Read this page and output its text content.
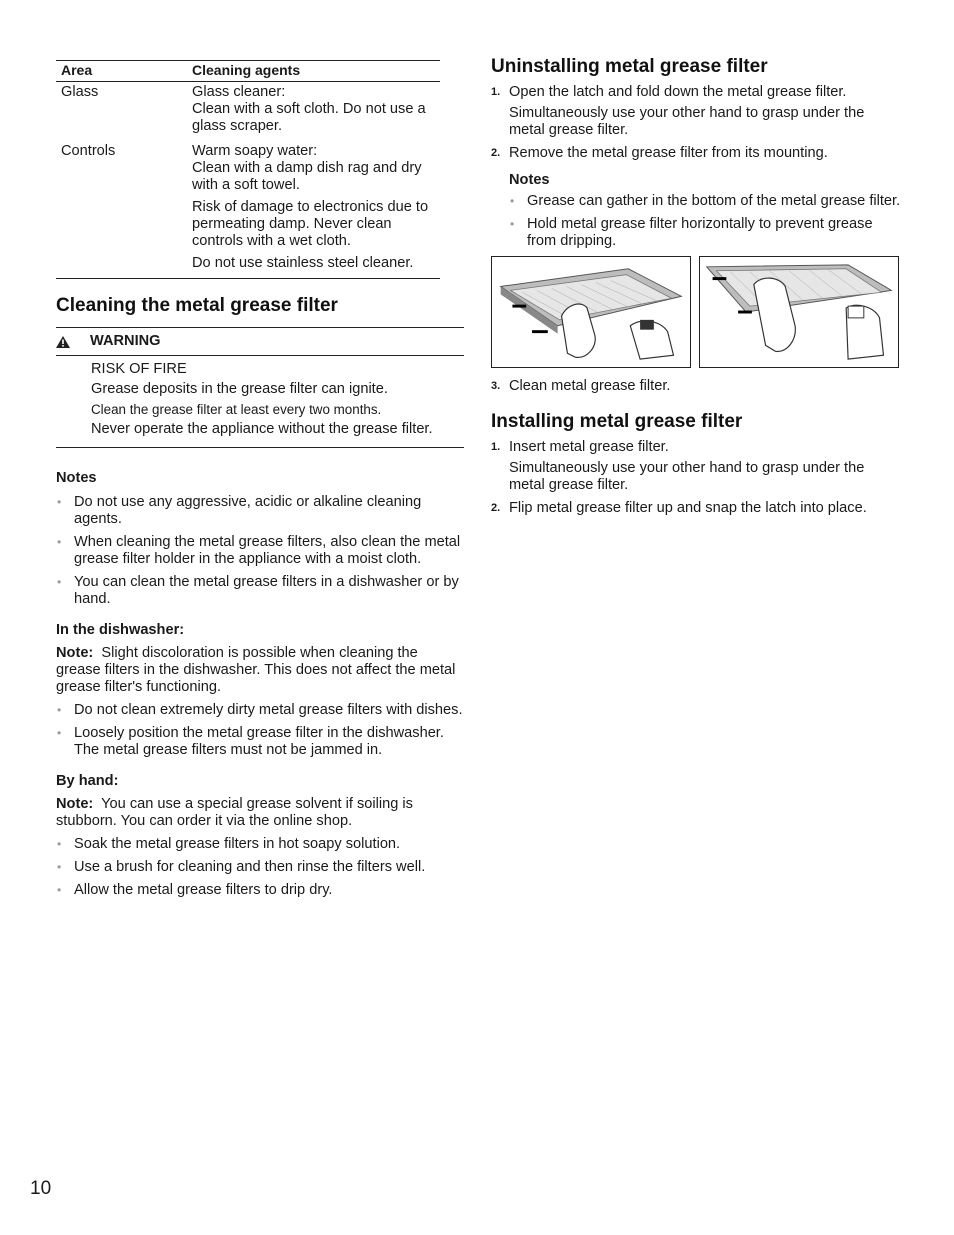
Area	Cleaning agents
Glass	Glass cleaner:
Clean with a soft cloth. Do not use a glass scraper.

Controls	Warm soapy water:
Clean with a damp dish rag and dry with a soft towel.

Risk of damage to electronics due to permeating damp. Never clean controls with a wet cloth.

Do not use stainless steel cleaner.

Cleaning the metal grease filter
WARNING

RISK OF FIRE

Grease deposits in the grease filter can ignite.

Clean the grease filter at least every two months.

Never operate the appliance without the grease filter.

Notes
• Do not use any aggressive, acidic or alkaline cleaning agents.
• When cleaning the metal grease filters, also clean the metal grease filter holder in the appliance with a moist cloth.
• You can clean the metal grease filters in a dishwasher or by hand.
In the dishwasher:

Note: Slight discoloration is possible when cleaning the grease filters in the dishwasher. This does not affect the metal grease filter's functioning.

• Do not clean extremely dirty metal grease filters with dishes.
• Loosely position the metal grease filter in the dishwasher. The metal grease filters must not be jammed in.
By hand:

Note: You can use a special grease solvent if soiling is stubborn. You can order it via the online shop.

• Soak the metal grease filters in hot soapy solution.
• Use a brush for cleaning and then rinse the filters well.
• Allow the metal grease filters to drip dry.
Uninstalling metal grease filter
1. Open the latch and fold down the metal grease filter.

Simultaneously use your other hand to grasp under the metal grease filter.

2. Remove the metal grease filter from its mounting.

Notes
• Grease can gather in the bottom of the metal grease filter.
• Hold metal grease filter horizontally to prevent grease from dripping.
3. Clean metal grease filter.

Installing metal grease filter
1. Insert metal grease filter.

Simultaneously use your other hand to grasp under the metal grease filter.

2. Flip metal grease filter up and snap the latch into place.

10
